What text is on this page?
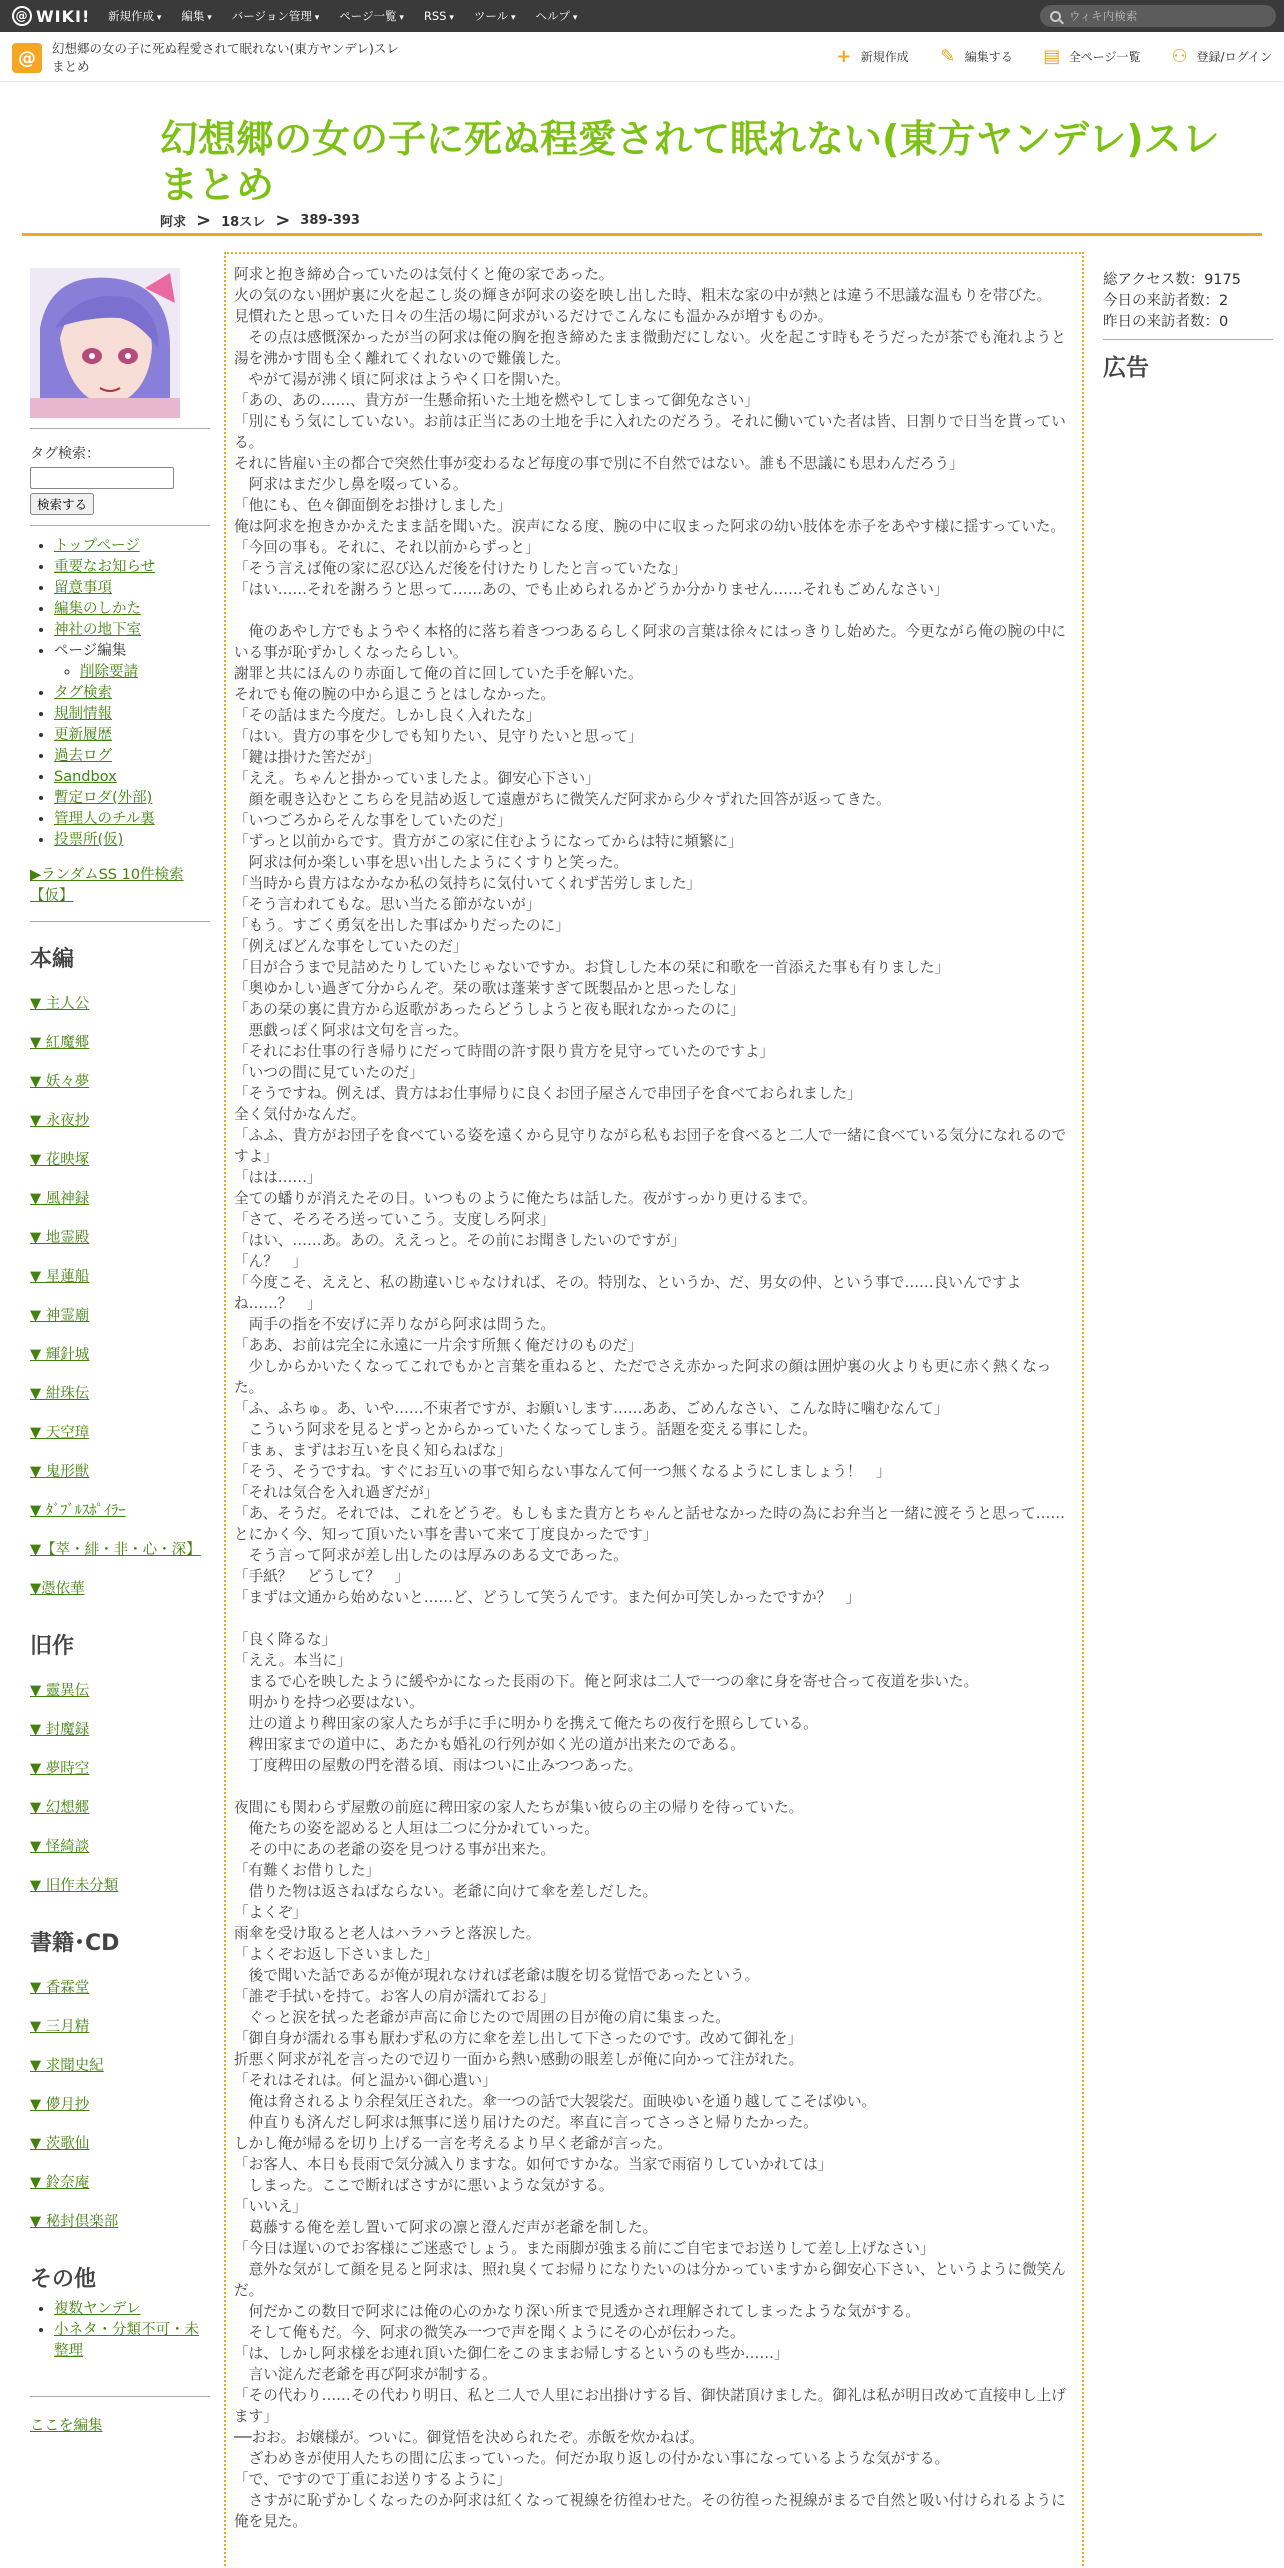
@ WIKI! 新規作成 ▾	編集 ▾	バージョン管理 ▾	ページ一覧 ▾	RSS ▾	ツール ▾	ヘルプ ▾	ウィキ内検索
@	幻想郷の女の子に死ぬ程愛されて眠れない(東方ヤンデレ)スレ　まとめ	+ 新規作成 ✎ 編集する ▤ 全ページ一覧 ⚇ 登録/ログイン
幻想郷の女の子に死ぬ程愛されて眠れない(東方ヤンデレ)スレ　まとめ
阿求 > 18スレ > 389-393
タグ検索：
検索する
• トップページ
• 重要なお知らせ
• 留意事項
• 編集のしかた
• 神社の地下室
• ページ編集
◦ 削除要請
• タグ検索
• 規制情報
• 更新履歴
• 過去ログ
• Sandbox
• 暫定ロダ(外部)
• 管理人のチル裏
• 投票所(仮)
▶ランダムSS 10件検索【仮】
本編
▼ 主人公
▼ 紅魔郷
▼ 妖々夢
▼ 永夜抄
▼ 花映塚
▼ 風神録
▼ 地霊殿
▼ 星蓮船
▼ 神霊廟
▼ 輝針城
▼ 紺珠伝
▼ 天空璋
▼ 鬼形獣
▼ ﾀﾞﾌﾞﾙｽﾎﾟｲﾗｰ
▼【萃・緋・非・心・深】
▼憑依華
旧作
▼ 靈異伝
▼ 封魔録
▼ 夢時空
▼ 幻想郷
▼ 怪綺談
▼ 旧作未分類
書籍･CD
▼ 香霖堂
▼ 三月精
▼ 求聞史紀
▼ 儚月抄
▼ 茨歌仙
▼ 鈴奈庵
▼ 秘封倶楽部
その他
• 複数ヤンデレ
• 小ネタ・分類不可・未整理
ここを編集

阿求と抱き締め合っていたのは気付くと俺の家であった。
火の気のない囲炉裏に火を起こし炎の輝きが阿求の姿を映し出した時、粗末な家の中が熱とは違う不思議な温もりを帯びた。
見慣れたと思っていた日々の生活の場に阿求がいるだけでこんなにも温かみが増すものか。
　その点は感慨深かったが当の阿求は俺の胸を抱き締めたまま微動だにしない。火を起こす時もそうだったが茶でも淹れようと湯を沸かす間も全く離れてくれないので難儀した。
　やがて湯が沸く頃に阿求はようやく口を開いた。
「あの、あの……、貴方が一生懸命拓いた土地を燃やしてしまって御免なさい」
「別にもう気にしていない。お前は正当にあの土地を手に入れたのだろう。それに働いていた者は皆、日割りで日当を貰っている。
それに皆雇い主の都合で突然仕事が変わるなど毎度の事で別に不自然ではない。誰も不思議にも思わんだろう」
　阿求はまだ少し鼻を啜っている。
「他にも、色々御面倒をお掛けしました」
俺は阿求を抱きかかえたまま話を聞いた。涙声になる度、腕の中に収まった阿求の幼い肢体を赤子をあやす様に揺すっていた。
「今回の事も。それに、それ以前からずっと」
「そう言えば俺の家に忍び込んだ後を付けたりしたと言っていたな」
「はい……それを謝ろうと思って……あの、でも止められるかどうか分かりません……それもごめんなさい」

　俺のあやし方でもようやく本格的に落ち着きつつあるらしく阿求の言葉は徐々にはっきりし始めた。今更ながら俺の腕の中にいる事が恥ずかしくなったらしい。
謝罪と共にほんのり赤面して俺の首に回していた手を解いた。
それでも俺の腕の中から退こうとはしなかった。
「その話はまた今度だ。しかし良く入れたな」
「はい。貴方の事を少しでも知りたい、見守りたいと思って」
「鍵は掛けた筈だが」
「ええ。ちゃんと掛かっていましたよ。御安心下さい」
　顔を覗き込むとこちらを見詰め返して遠慮がちに微笑んだ阿求から少々ずれた回答が返ってきた。
「いつごろからそんな事をしていたのだ」
「ずっと以前からです。貴方がこの家に住むようになってからは特に頻繁に」
　阿求は何か楽しい事を思い出したようにくすりと笑った。
「当時から貴方はなかなか私の気持ちに気付いてくれず苦労しました」
「そう言われてもな。思い当たる節がないが」
「もう。すごく勇気を出した事ばかりだったのに」
「例えばどんな事をしていたのだ」
「目が合うまで見詰めたりしていたじゃないですか。お貸しした本の栞に和歌を一首添えた事も有りました」
「奥ゆかしい過ぎて分からんぞ。栞の歌は蓬莱すぎて既製品かと思ったしな」
「あの栞の裏に貴方から返歌があったらどうしようと夜も眠れなかったのに」
　悪戯っぽく阿求は文句を言った。
「それにお仕事の行き帰りにだって時間の許す限り貴方を見守っていたのですよ」
「いつの間に見ていたのだ」
「そうですね。例えば、貴方はお仕事帰りに良くお団子屋さんで串団子を食べておられました」
全く気付かなんだ。
「ふふ、貴方がお団子を食べている姿を遠くから見守りながら私もお団子を食べると二人で一緒に食べている気分になれるのですよ」
「はは……」
全ての蟠りが消えたその日。いつものように俺たちは話した。夜がすっかり更けるまで。
「さて、そろそろ送っていこう。支度しろ阿求」
「はい、……あ。あの。ええっと。その前にお聞きしたいのですが」
「ん？　」
「今度こそ、ええと、私の勘違いじゃなければ、その。特別な、というか、だ、男女の仲、という事で……良いんですよね……？　」
　両手の指を不安げに弄りながら阿求は問うた。
「ああ、お前は完全に永遠に一片余す所無く俺だけのものだ」
　少しからかいたくなってこれでもかと言葉を重ねると、ただでさえ赤かった阿求の顔は囲炉裏の火よりも更に赤く熱くなった。
「ふ、ふちゅ。あ、いや……不束者ですが、お願いします……ああ、ごめんなさい、こんな時に噛むなんて」
　こういう阿求を見るとずっとからかっていたくなってしまう。話題を変える事にした。
「まぁ、まずはお互いを良く知らねばな」
「そう、そうですね。すぐにお互いの事で知らない事なんて何一つ無くなるようにしましょう！　」
「それは気合を入れ過ぎだが」
「あ、そうだ。それでは、これをどうぞ。もしもまた貴方とちゃんと話せなかった時の為にお弁当と一緒に渡そうと思って……とにかく今、知って頂いたい事を書いて来て丁度良かったです」
　そう言って阿求が差し出したのは厚みのある文であった。
「手紙？　どうして？　」
「まずは文通から始めないと……ど、どうして笑うんです。また何か可笑しかったですか？　」

「良く降るな」
「ええ。本当に」
　まるで心を映したように緩やかになった長雨の下。俺と阿求は二人で一つの傘に身を寄せ合って夜道を歩いた。
　明かりを持つ必要はない。
　辻の道より稗田家の家人たちが手に手に明かりを携えて俺たちの夜行を照らしている。
　稗田家までの道中に、あたかも婚礼の行列が如く光の道が出来たのである。
　丁度稗田の屋敷の門を潜る頃、雨はついに止みつつあった。

夜間にも関わらず屋敷の前庭に稗田家の家人たちが集い彼らの主の帰りを待っていた。
　俺たちの姿を認めると人垣は二つに分かれていった。
　その中にあの老爺の姿を見つける事が出来た。
「有難くお借りした」
　借りた物は返さねばならない。老爺に向けて傘を差しだした。
「よくぞ」
雨傘を受け取ると老人はハラハラと落涙した。
「よくぞお返し下さいました」
　後で聞いた話であるが俺が現れなければ老爺は腹を切る覚悟であったという。
「誰ぞ手拭いを持て。お客人の肩が濡れておる」
　ぐっと涙を拭った老爺が声高に命じたので周囲の目が俺の肩に集まった。
「御自身が濡れる事も厭わず私の方に傘を差し出して下さったのです。改めて御礼を」
折悪く阿求が礼を言ったので辺り一面から熱い感動の眼差しが俺に向かって注がれた。
「それはそれは。何と温かい御心遣い」
　俺は脅されるより余程気圧された。傘一つの話で大袈裟だ。面映ゆいを通り越してこそばゆい。
　仲直りも済んだし阿求は無事に送り届けたのだ。率直に言ってさっさと帰りたかった。
しかし俺が帰るを切り上げる一言を考えるより早く老爺が言った。
「お客人、本日も長雨で気分滅入りますな。如何ですかな。当家で雨宿りしていかれては」
　しまった。ここで断ればさすがに悪いような気がする。
「いいえ」
　葛藤する俺を差し置いて阿求の凛と澄んだ声が老爺を制した。
「今日は遅いのでお客様にご迷惑でしょう。また雨脚が強まる前にご自宅までお送りして差し上げなさい」
　意外な気がして顔を見ると阿求は、照れ臭くてお帰りになりたいのは分かっていますから御安心下さい、というように微笑んだ。
　何だかこの数日で阿求には俺の心のかなり深い所まで見透かされ理解されてしまったような気がする。
　そして俺もだ。今、阿求の微笑み一つで声を聞くようにその心が伝わった。
「は、しかし阿求様をお連れ頂いた御仁をこのままお帰しするというのも些か……」
　言い淀んだ老爺を再び阿求が制する。
「その代わり……その代わり明日、私と二人で人里にお出掛けする旨、御快諾頂けました。御礼は私が明日改めて直接申し上げます」
──おお。お嬢様が。ついに。御覚悟を決められたぞ。赤飯を炊かねば。
　ざわめきが使用人たちの間に広まっていった。何だか取り返しの付かない事になっているような気がする。
「で、ですので丁重にお送りするように」
　さすがに恥ずかしくなったのか阿求は紅くなって視線を彷徨わせた。その彷徨った視線がまるで自然と吸い付けられるように俺を見た。

総アクセス数：9175
今日の来訪者数：2
昨日の来訪者数：0
広告
